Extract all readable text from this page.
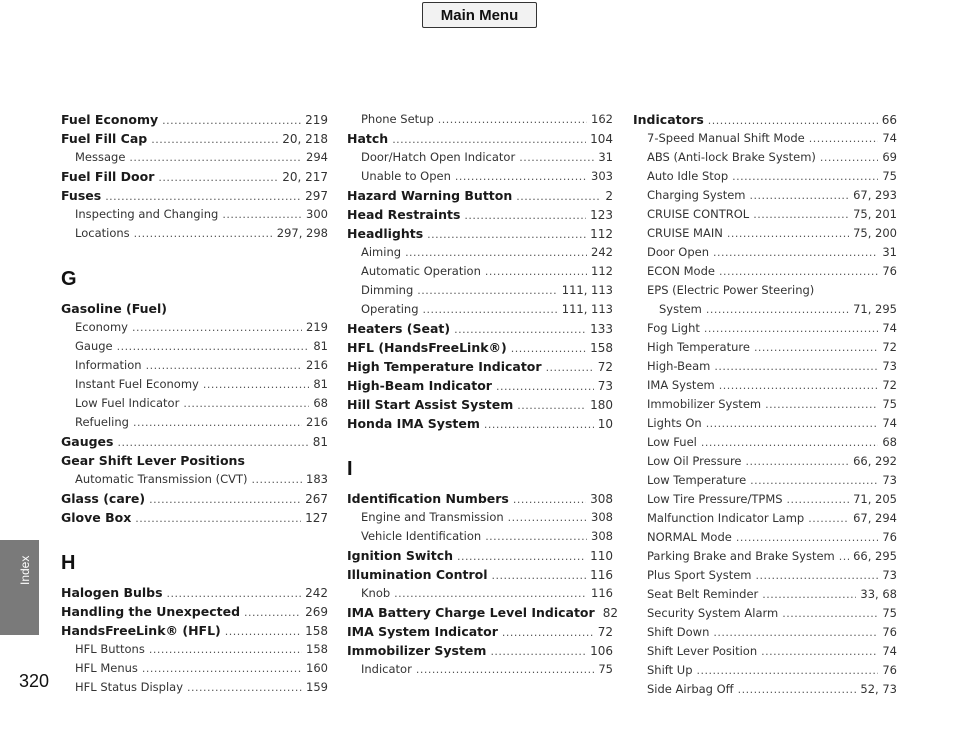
Main Menu
Index
320
Fuel Economy .....	219
Fuel Fill Cap .....	20, 218
Message .....	294
Fuel Fill Door .....	20, 217
Fuses .....	297
Inspecting and Changing .....	300
Locations .....	297, 298
G
Gasoline (Fuel)
Economy .....	219
Gauge .....	81
Information .....	216
Instant Fuel Economy .....	81
Low Fuel Indicator .....	68
Refueling .....	216
Gauges .....	81
Gear Shift Lever Positions
Automatic Transmission (CVT) .....	183
Glass (care) .....	267
Glove Box .....	127
H
Halogen Bulbs .....	242
Handling the Unexpected .....	269
HandsFreeLink® (HFL) .....	158
HFL Buttons .....	158
HFL Menus .....	160
HFL Status Display .....	159
Phone Setup .....	162
Hatch .....	104
Door/Hatch Open Indicator .....	31
Unable to Open .....	303
Hazard Warning Button .....	2
Head Restraints .....	123
Headlights .....	112
Aiming .....	242
Automatic Operation .....	112
Dimming .....	111, 113
Operating .....	111, 113
Heaters (Seat) .....	133
HFL (HandsFreeLink®) .....	158
High Temperature Indicator .....	72
High-Beam Indicator .....	73
Hill Start Assist System .....	180
Honda IMA System .....	10
I
Identification Numbers .....	308
Engine and Transmission .....	308
Vehicle Identification .....	308
Ignition Switch .....	110
Illumination Control .....	116
Knob .....	116
IMA Battery Charge Level Indicator 82
IMA System Indicator .....	72
Immobilizer System .....	106
Indicator .....	75
Indicators .....	66
7-Speed Manual Shift Mode .....	74
ABS (Anti-lock Brake System) .....	69
Auto Idle Stop .....	75
Charging System .....	67, 293
CRUISE CONTROL .....	75, 201
CRUISE MAIN .....	75, 200
Door Open .....	31
ECON Mode .....	76
EPS (Electric Power Steering)
System .....	71, 295
Fog Light .....	74
High Temperature .....	72
High-Beam .....	73
IMA System .....	72
Immobilizer System .....	75
Lights On .....	74
Low Fuel .....	68
Low Oil Pressure .....	66, 292
Low Temperature .....	73
Low Tire Pressure/TPMS .....	71, 205
Malfunction Indicator Lamp .....	67, 294
NORMAL Mode .....	76
Parking Brake and Brake System ..... 66, 295
Plus Sport System .....	73
Seat Belt Reminder .....	33, 68
Security System Alarm .....	75
Shift Down .....	76
Shift Lever Position .....	74
Shift Up .....	76
Side Airbag Off .....	52, 73
